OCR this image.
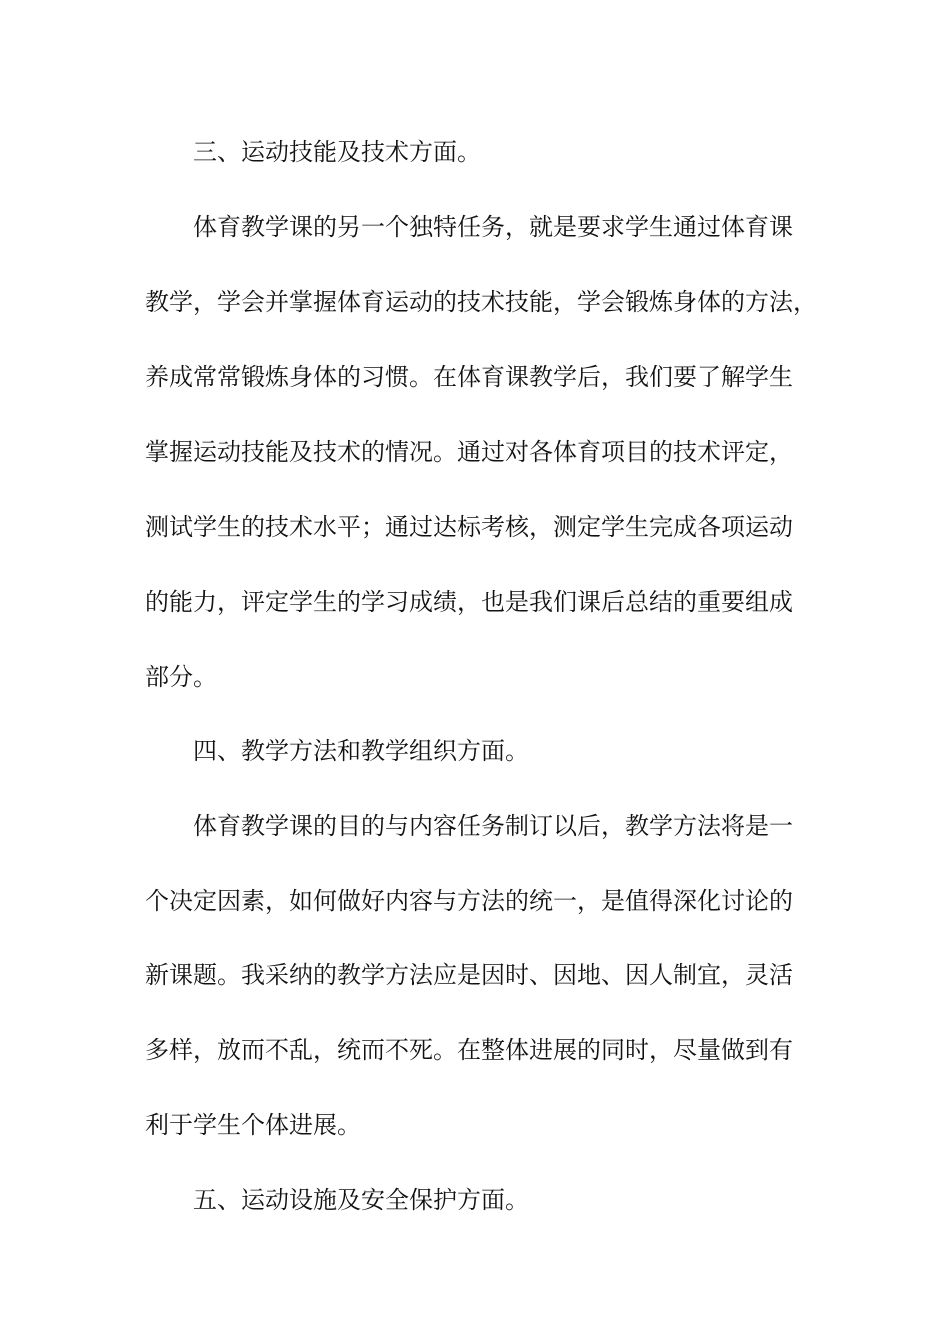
三、运动技能及技术方面。

体育教学课的另一个独特任务，就是要求学生通过体育课

教学，学会并掌握体育运动的技术技能，学会锻炼身体的方法，

养成常常锻炼身体的习惯。在体育课教学后，我们要了解学生

掌握运动技能及技术的情况。通过对各体育项目的技术评定，

测试学生的技术水平；通过达标考核，测定学生完成各项运动

的能力，评定学生的学习成绩，也是我们课后总结的重要组成

部分。

四、教学方法和教学组织方面。

体育教学课的目的与内容任务制订以后，教学方法将是一

个决定因素，如何做好内容与方法的统一，是值得深化讨论的

新课题。我采纳的教学方法应是因时、因地、因人制宜，灵活

多样，放而不乱，统而不死。在整体进展的同时，尽量做到有

利于学生个体进展。

五、运动设施及安全保护方面。
